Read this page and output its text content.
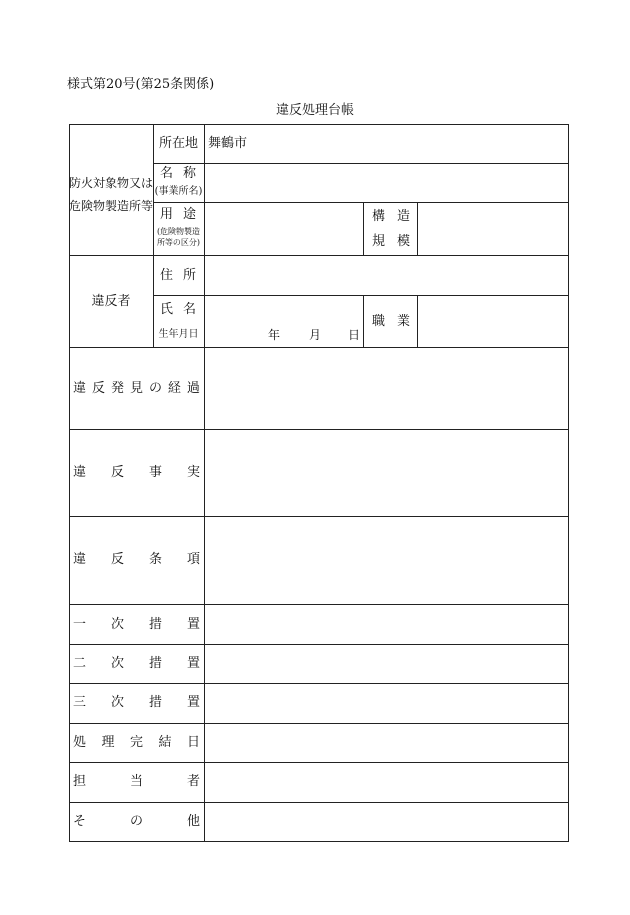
様式第20号(第25条関係)
違反処理台帳
防火対象物又は
危険物製造所等
所在地 舞鶴市
名 称
(事業所名)
用 途
(危険物製造
所等の区分)
構 造
規 模
違反者
住 所
氏 名
生年月日	年 月 日
職 業
違 反 発 見 の 経 過
違 反 事 実
違 反 条 項
一 次 措 置
二 次 措 置
三 次 措 置
処 理 完 結 日
担	当	者
そ	の	他
